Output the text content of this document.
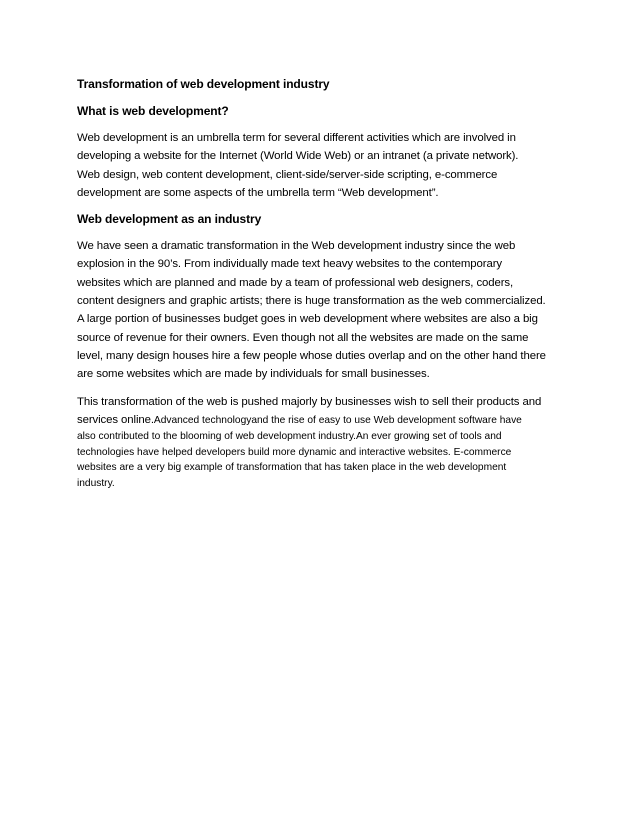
Transformation of web development industry
What is web development?
Web development is an umbrella term for several different activities which are involved in
developing a website for the Internet (World Wide Web) or an intranet (a private network).
Web design, web content development, client-side/server-side scripting, e-commerce
development are some aspects of the umbrella term “Web development”.
Web development as an industry
We have seen a dramatic transformation in the Web development industry since the web
explosion in the 90’s. From individually made text heavy websites to the contemporary
websites which are planned and made by a team of professional web designers, coders,
content designers and graphic artists; there is huge transformation as the web commercialized.
A large portion of businesses budget goes in web development where websites are also a big
source of revenue for their owners. Even though not all the websites are made on the same
level, many design houses hire a few people whose duties overlap and on the other hand there
are some websites which are made by individuals for small businesses.
This transformation of the web is pushed majorly by businesses wish to sell their products and
services online.Advanced technologyand the rise of easy to use Web development software have
also contributed to the blooming of web development industry.An ever growing set of tools and
technologies have helped developers build more dynamic and interactive websites. E-commerce
websites are a very big example of transformation that has taken place in the web development
industry.
